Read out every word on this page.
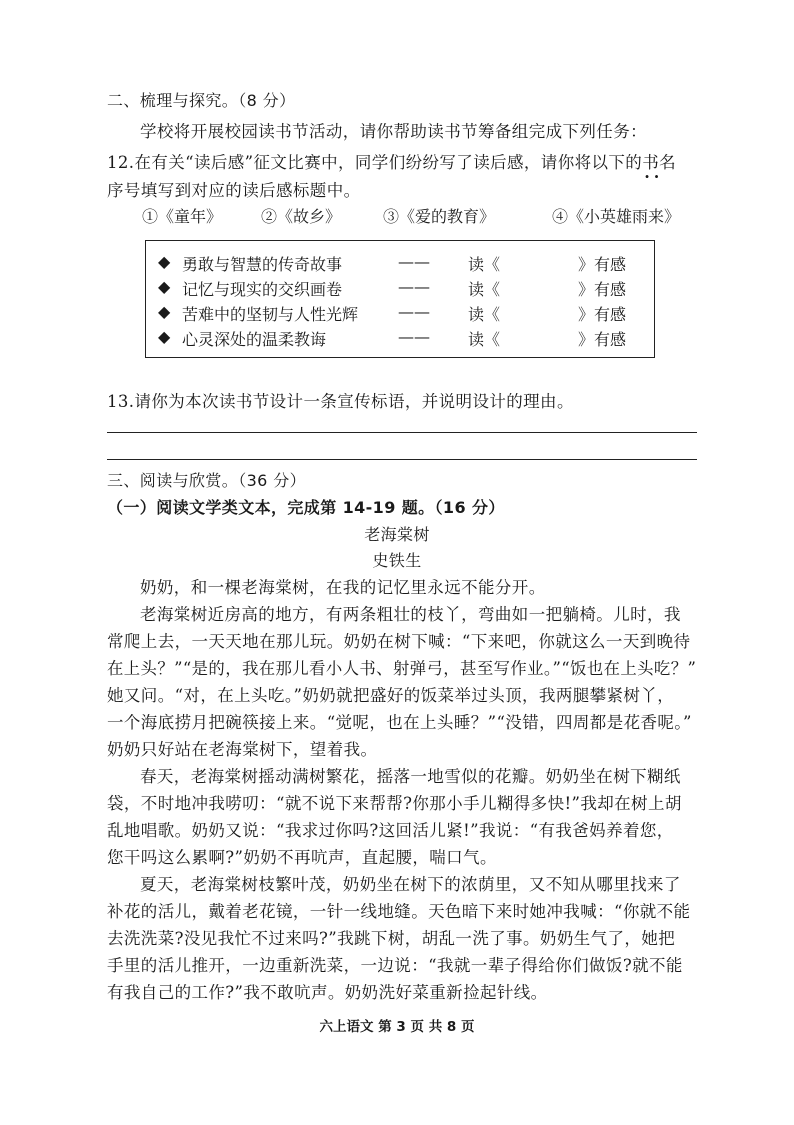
二、梳理与探究。（8 分）
学校将开展校园读书节活动，请你帮助读书节筹备组完成下列任务：
12.在有关“读后感”征文比赛中，同学们纷纷写了读后感，请你将以下的书名 · ·
序号填写到对应的读后感标题中。
①《童年》 ②《故乡》	③《爱的教育》	④《小英雄雨来》
◆ 勇敢与智慧的传奇故事	—— 读《	》有感
◆ 记忆与现实的交织画卷	—— 读《	》有感
◆ 苦难中的坚韧与人性光辉 —— 读《	》有感
◆ 心灵深处的温柔教诲	—— 读《	》有感
13.请你为本次读书节设计一条宣传标语，并说明设计的理由。
三、阅读与欣赏。（36 分）
（一）阅读文学类文本，完成第 14-19 题。（16 分）
老海棠树
史铁生
奶奶，和一棵老海棠树，在我的记忆里永远不能分开。
老海棠树近房高的地方，有两条粗壮的枝丫，弯曲如一把躺椅。儿时，我
常爬上去，一天天地在那儿玩。奶奶在树下喊：“下来吧，你就这么一天到晚待
在上头？”“是的，我在那儿看小人书、射弹弓，甚至写作业。”“饭也在上头吃？”
她又问。“对，在上头吃。”奶奶就把盛好的饭菜举过头顶，我两腿攀紧树丫，
一个海底捞月把碗筷接上来。“觉呢，也在上头睡？”“没错，四周都是花香呢。”
奶奶只好站在老海棠树下，望着我。
春天，老海棠树摇动满树繁花，摇落一地雪似的花瓣。奶奶坐在树下糊纸
袋，不时地冲我唠叨：“就不说下来帮帮?你那小手儿糊得多快!”我却在树上胡
乱地唱歌。奶奶又说：“我求过你吗?这回活儿紧!”我说：“有我爸妈养着您，
您干吗这么累啊?”奶奶不再吭声，直起腰，喘口气。
夏天，老海棠树枝繁叶茂，奶奶坐在树下的浓荫里，又不知从哪里找来了
补花的活儿，戴着老花镜，一针一线地缝。天色暗下来时她冲我喊：“你就不能
去洗洗菜?没见我忙不过来吗?”我跳下树，胡乱一洗了事。奶奶生气了，她把
手里的活儿推开，一边重新洗菜，一边说：“我就一辈子得给你们做饭?就不能
有我自己的工作?”我不敢吭声。奶奶洗好菜重新捡起针线。
六上语文 第 3 页 共 8 页
